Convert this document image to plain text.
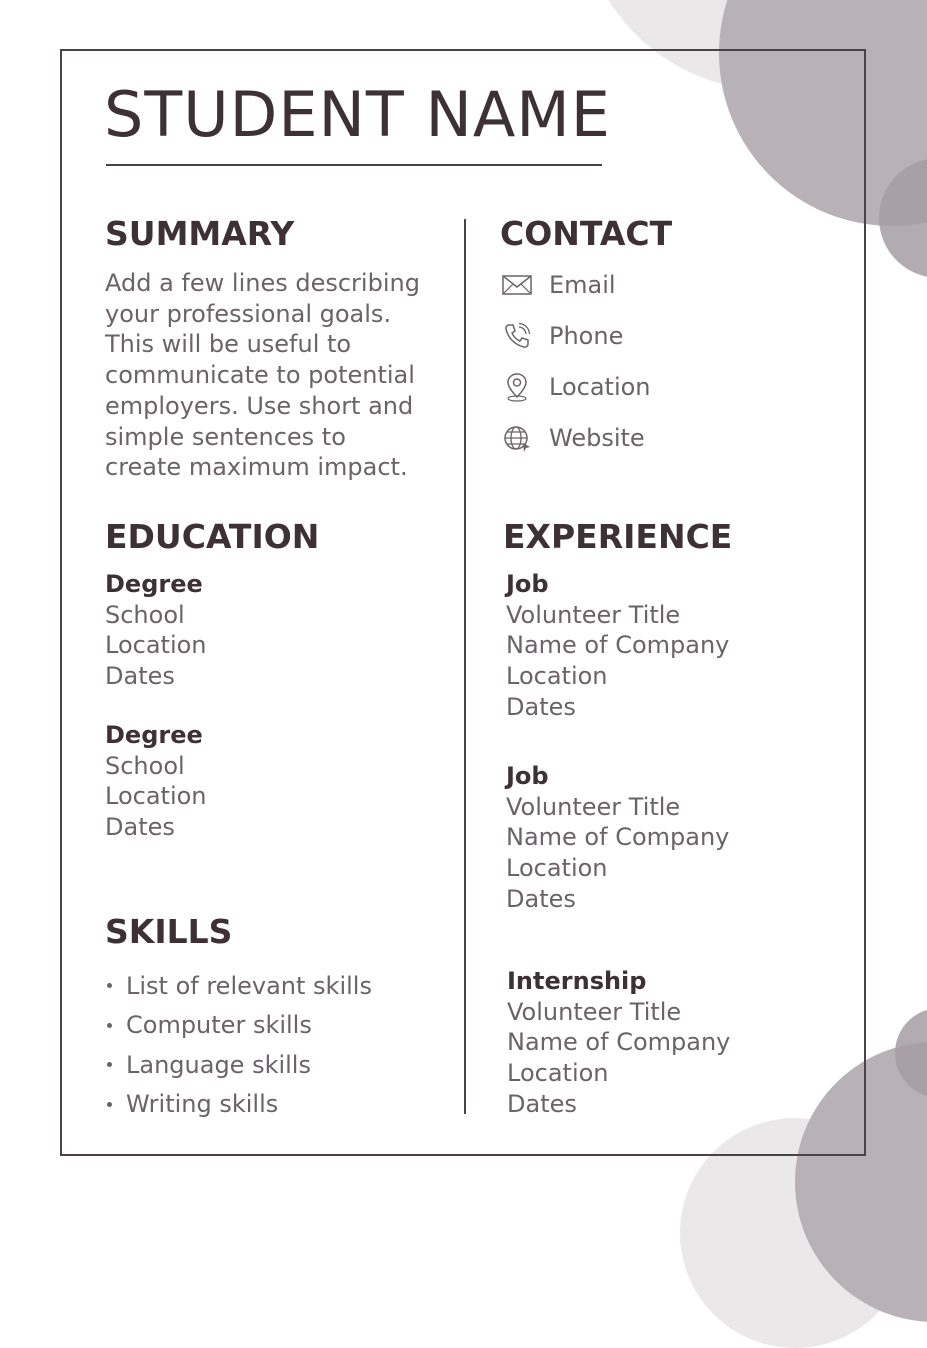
STUDENT NAME
SUMMARY
Add a few lines describing
your professional goals.
This will be useful to
communicate to potential
employers. Use short and
simple sentences to
create maximum impact.
CONTACT
Email
Phone
Location
Website
EDUCATION
Degree
School
Location
Dates
Degree
School
Location
Dates
EXPERIENCE
Job
Volunteer Title
Name of Company
Location
Dates
Job
Volunteer Title
Name of Company
Location
Dates
Internship
Volunteer Title
Name of Company
Location
Dates
SKILLS
List of relevant skills
Computer skills
Language skills
Writing skills
